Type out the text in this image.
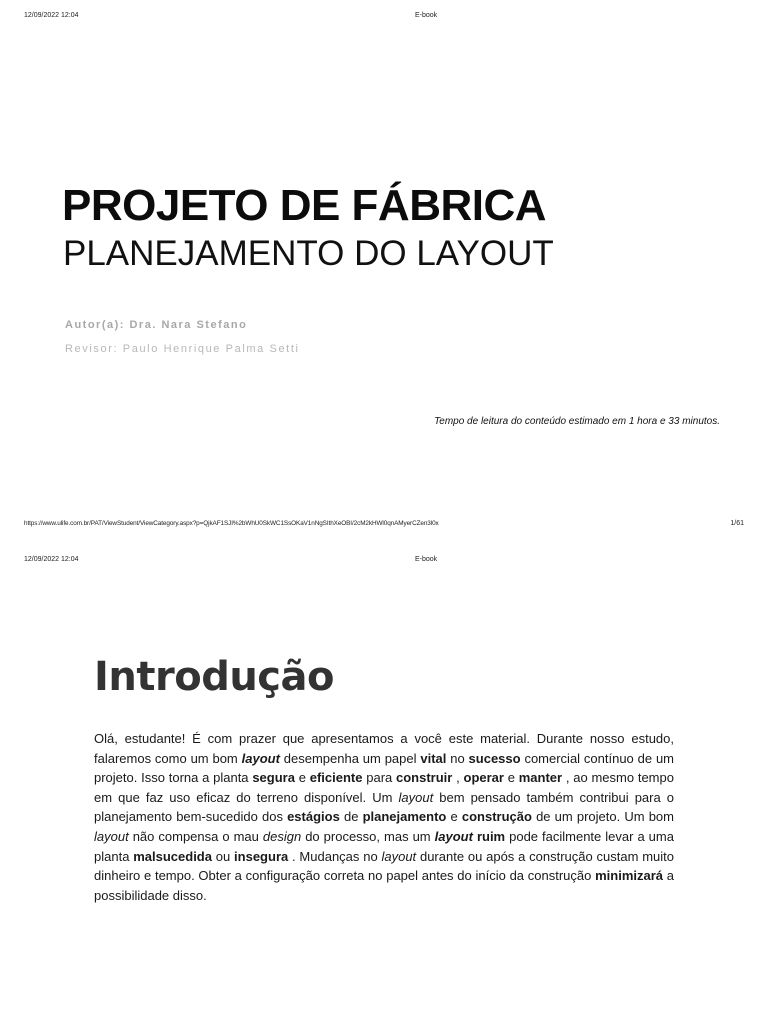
12/09/2022 12:04	E-book
PROJETO DE FÁBRICA
PLANEJAMENTO DO LAYOUT
Autor(a): Dra. Nara Stefano
Revisor: Paulo Henrique Palma Setti
Tempo de leitura do conteúdo estimado em 1 hora e 33 minutos.
https://www.ulife.com.br/PAT/ViewStudent/ViewCategory.aspx?p=QjkAF1SJI%2bWhU0SkWC1SsOKaV1nNgSIthXeOBI/2cM2kHWl0qnAMyerCZen3l0x	1/61
12/09/2022 12:04	E-book
Introdução

Olá, estudante! É com prazer que apresentamos a você este material. Durante nosso estudo, falaremos como um bom layout desempenha um papel vital no sucesso comercial contínuo de um projeto. Isso torna a planta segura e eficiente para construir , operar e manter , ao mesmo tempo em que faz uso eficaz do terreno disponível. Um layout bem pensado também contribui para o planejamento bem-sucedido dos estágios de planejamento e construção de um projeto. Um bom layout não compensa o mau design do processo, mas um layout ruim pode facilmente levar a uma planta malsucedida ou insegura . Mudanças no layout durante ou após a construção custam muito dinheiro e tempo. Obter a configuração correta no papel antes do início da construção minimizará a possibilidade disso.
